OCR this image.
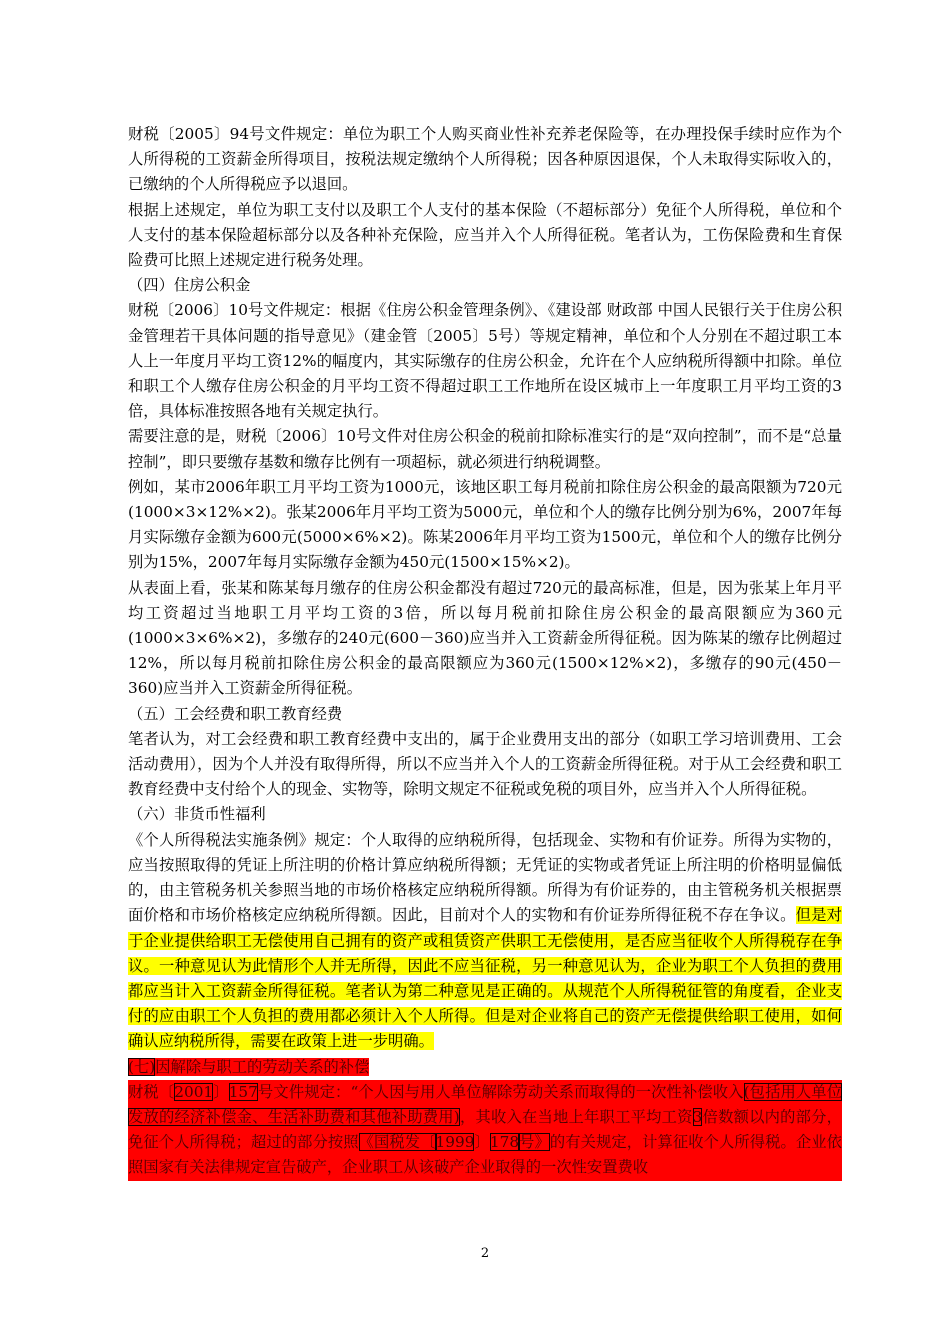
财税〔2005〕94号文件规定：单位为职工个人购买商业性补充养老保险等，在办理投保手续时应作为个人所得税的工资薪金所得项目，按税法规定缴纳个人所得税；因各种原因退保，个人未取得实际收入的，已缴纳的个人所得税应予以退回。

根据上述规定，单位为职工支付以及职工个人支付的基本保险（不超标部分）免征个人所得税，单位和个人支付的基本保险超标部分以及各种补充保险，应当并入个人所得征税。笔者认为，工伤保险费和生育保险费可比照上述规定进行税务处理。

（四）住房公积金

财税〔2006〕10号文件规定：根据《住房公积金管理条例》、《建设部 财政部 中国人民银行关于住房公积金管理若干具体问题的指导意见》（建金管〔2005〕5号）等规定精神，单位和个人分别在不超过职工本人上一年度月平均工资12%的幅度内，其实际缴存的住房公积金，允许在个人应纳税所得额中扣除。单位和职工个人缴存住房公积金的月平均工资不得超过职工工作地所在设区城市上一年度职工月平均工资的3倍，具体标准按照各地有关规定执行。

需要注意的是，财税〔2006〕10号文件对住房公积金的税前扣除标准实行的是“双向控制”，而不是“总量控制”，即只要缴存基数和缴存比例有一项超标，就必须进行纳税调整。

例如，某市2006年职工月平均工资为1000元，该地区职工每月税前扣除住房公积金的最高限额为720元(1000×3×12%×2)。张某2006年月平均工资为5000元，单位和个人的缴存比例分别为6%，2007年每月实际缴存金额为600元(5000×6%×2)。陈某2006年月平均工资为1500元，单位和个人的缴存比例分别为15%，2007年每月实际缴存金额为450元(1500×15%×2)。

从表面上看，张某和陈某每月缴存的住房公积金都没有超过720元的最高标准，但是，因为张某上年月平均工资超过当地职工月平均工资的3倍，所以每月税前扣除住房公积金的最高限额应为360元(1000×3×6%×2)，多缴存的240元(600－360)应当并入工资薪金所得征税。因为陈某的缴存比例超过12%，所以每月税前扣除住房公积金的最高限额应为360元(1500×12%×2)，多缴存的90元(450－360)应当并入工资薪金所得征税。

（五）工会经费和职工教育经费

笔者认为，对工会经费和职工教育经费中支出的，属于企业费用支出的部分（如职工学习培训费用、工会活动费用），因为个人并没有取得所得，所以不应当并入个人的工资薪金所得征税。对于从工会经费和职工教育经费中支付给个人的现金、实物等，除明文规定不征税或免税的项目外，应当并入个人所得征税。

（六）非货币性福利

《个人所得税法实施条例》规定：个人取得的应纳税所得，包括现金、实物和有价证券。所得为实物的，应当按照取得的凭证上所注明的价格计算应纳税所得额；无凭证的实物或者凭证上所注明的价格明显偏低的，由主管税务机关参照当地的市场价格核定应纳税所得额。所得为有价证券的，由主管税务机关根据票面价格和市场价格核定应纳税所得额。因此，目前对个人的实物和有价证券所得征税不存在争议。但是对于企业提供给职工无偿使用自己拥有的资产或租赁资产供职工无偿使用，是否应当征收个人所得税存在争议。一种意见认为此情形个人并无所得，因此不应当征税，另一种意见认为，企业为职工个人负担的费用都应当计入工资薪金所得征税。笔者认为第二种意见是正确的。从规范个人所得税征管的角度看，企业支付的应由职工个人负担的费用都必须计入个人所得。但是对企业将自己的资产无偿提供给职工使用，如何确认应纳税所得，需要在政策上进一步明确。

(七)因解除与职工的劳动关系的补偿

财税〔2001〕157号文件规定：“个人因与用人单位解除劳动关系而取得的一次性补偿收入(包括用人单位发放的经济补偿金、生活补助费和其他补助费用)，其收入在当地上年职工平均工资3倍数额以内的部分，免征个人所得税；超过的部分按照《国税发〔1999〕178号》的有关规定，计算征收个人所得税。企业依照国家有关法律规定宣告破产，企业职工从该破产企业取得的一次性安置费收

2
